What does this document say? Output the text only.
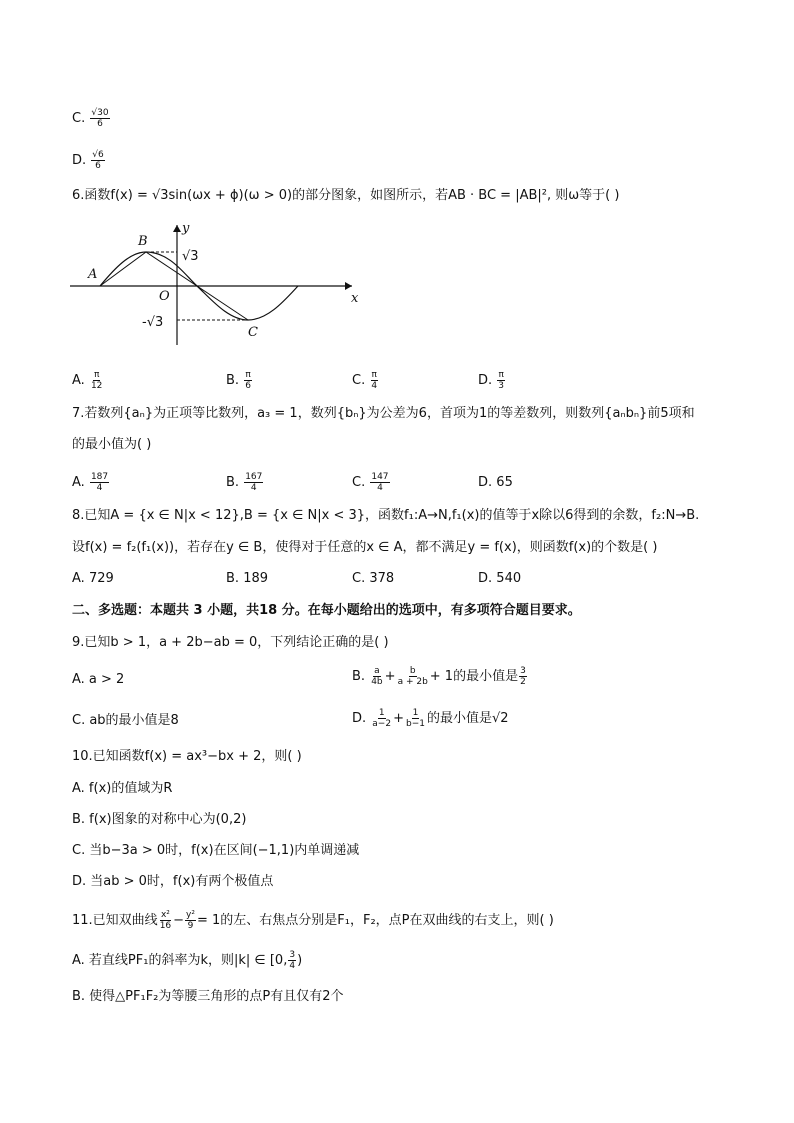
C. $\frac{√30}{6}$
D. $\frac{√6}{6}$
6.函数f(x) = √3sin(ωx + ϕ)(ω > 0)的部分图象，如图所示，若AB · BC = |AB|², 则ω等于( )
A
B
C
O
y
x
√3
-√3
A. $\frac{\pi}{12}$	B. $\frac{\pi}{6}$	C. $\frac{\pi}{4}$	D. $\frac{\pi}{3}$
7.若数列{aₙ}为正项等比数列，a₃ = 1，数列{bₙ}为公差为6，首项为1的等差数列，则数列{aₙbₙ}前5项和
的最小值为( )
A. $\frac{187}{4}$	B. $\frac{167}{4}$	C. $\frac{147}{4}$	D. 65
8.已知A = {x ∈ N|x < 12},B = {x ∈ N|x < 3}，函数f₁:A→N,f₁(x)的值等于x除以6得到的余数，f₂:N→B.
设f(x) = f₂(f₁(x))，若存在y ∈ B，使得对于任意的x ∈ A，都不满足y = f(x)，则函数f(x)的个数是( )
A. 729	B. 189	C. 378	D. 540
二、多选题：本题共 3 小题，共18 分。在每小题给出的选项中，有多项符合题目要求。
9.已知b > 1，a + 2b−ab = 0，下列结论正确的是( )
A. a > 2	B. $\frac{a}{4b} + \frac{b}{a + 2b} + 1$的最小值是 $\frac{3}{2}$
C. ab的最小值是8	D. $\frac{1}{a-2} + \frac{1}{b-1}$ 的最小值是√2
10.已知函数f(x) = ax³−bx + 2，则( )
A. f(x)的值域为R
B. f(x)图象的对称中心为(0,2)
C. 当b−3a > 0时，f(x)在区间(−1,1)内单调递减
D. 当ab > 0时，f(x)有两个极值点
11.已知双曲线 $\frac{\text{x²}}{16} - \frac{\text{y²}}{9} = 1$的左、右焦点分别是F₁，F₂，点P在双曲线的右支上，则( )
A. 若直线PF₁的斜率为k，则|k| ∈ [0, $\frac{3}{4}$ )
B. 使得△PF₁F₂为等腰三角形的点P有且仅有2个
